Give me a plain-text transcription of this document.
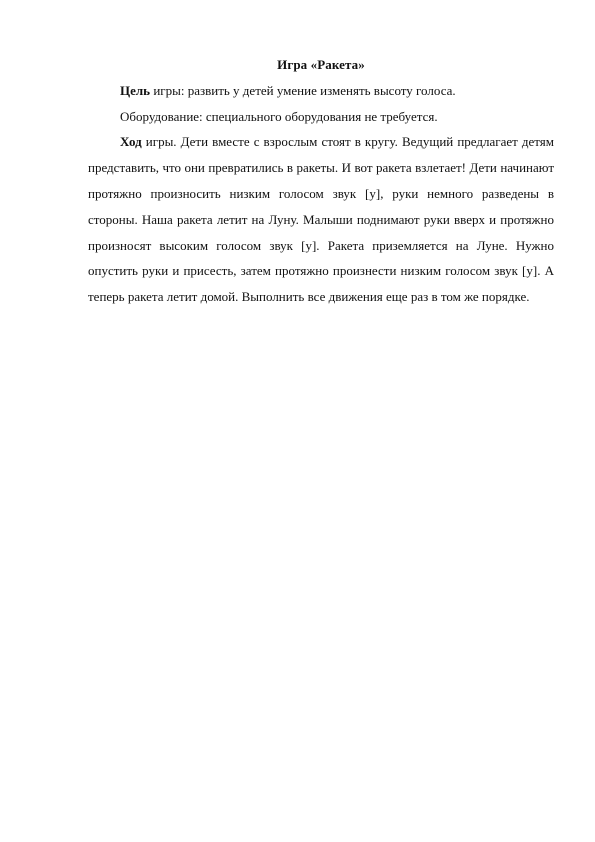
Игра «Ракета»

Цель игры: развить у детей умение изменять высоту голоса.

Оборудование: специального оборудования не требуется.

Ход игры. Дети вместе с взрослым стоят в кругу. Ведущий предлагает детям представить, что они превратились в ракеты. И вот ракета взлетает! Дети начинают протяжно произносить низким голосом звук [у], руки немного разведены в стороны. Наша ракета летит на Луну. Малыши поднимают руки вверх и протяжно произносят высоким голосом звук [у]. Ракета приземляется на Луне. Нужно опустить руки и присесть, затем протяжно произнести низким голосом звук [у]. А теперь ракета летит домой. Выполнить все движения еще раз в том же порядке.
